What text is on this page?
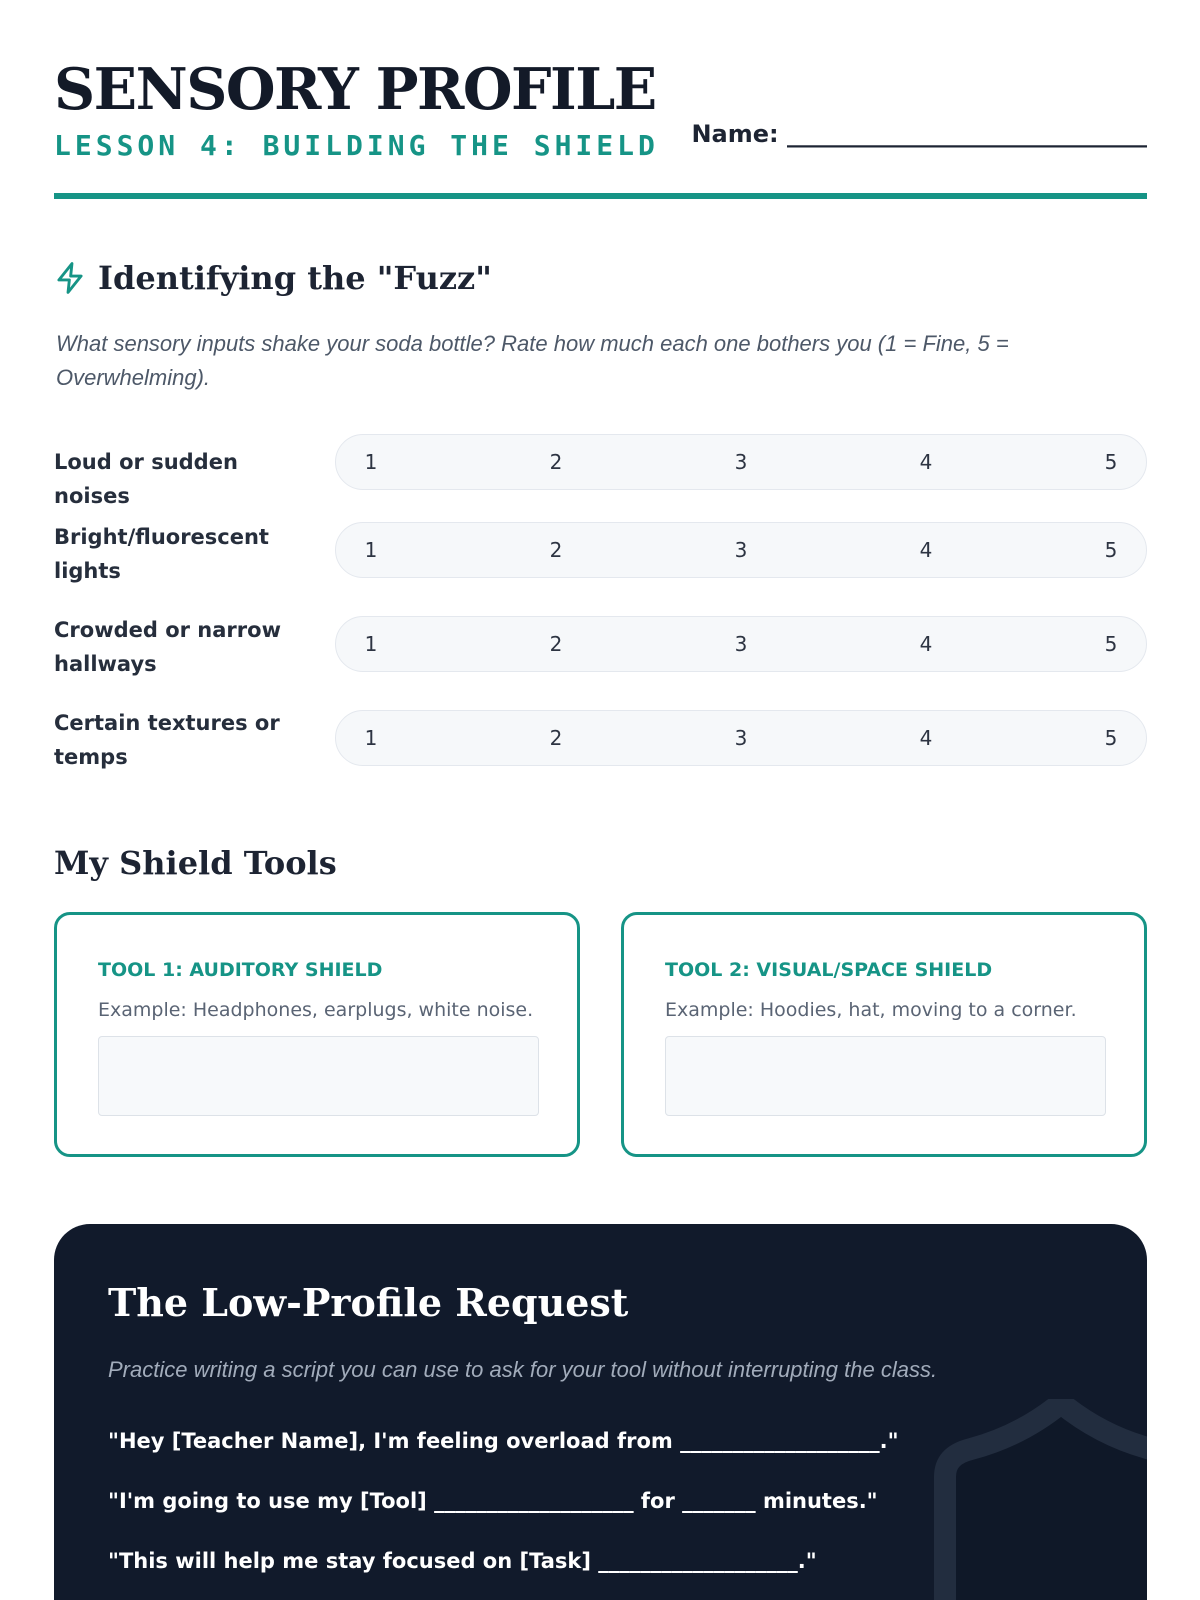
SENSORY PROFILE
LESSON 4: BUILDING THE SHIELD Name: ______________________________
Identifying the "Fuzz"
What sensory inputs shake your soda bottle? Rate how much each one bothers you (1 = Fine, 5 = Overwhelming).
Loud or sudden noises
1	2	3	4	5
Bright/fluorescent lights
1	2	3	4	5
Crowded or narrow hallways
1	2	3	4	5
Certain textures or temps
1	2	3	4	5
My Shield Tools
TOOL 1: AUDITORY SHIELD
Example: Headphones, earplugs, white noise.
TOOL 2: VISUAL/SPACE SHIELD
Example: Hoodies, hat, moving to a corner.
The Low-Profile Request
Practice writing a script you can use to ask for your tool without interrupting the class.
"Hey [Teacher Name], I'm feeling overload from ___________________."
"I'm going to use my [Tool] ___________________ for _______ minutes."
"This will help me stay focused on [Task] ___________________."
